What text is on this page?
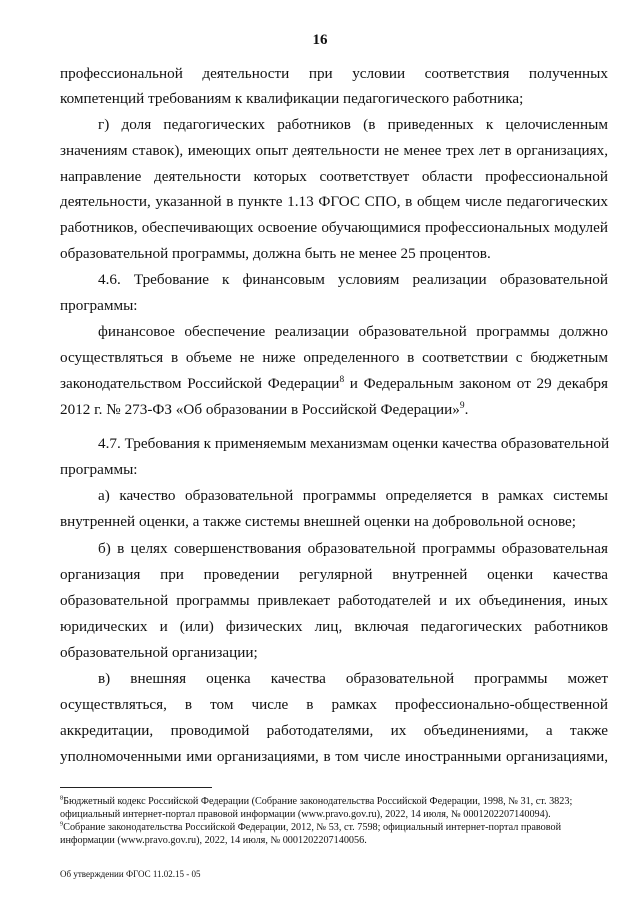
16
профессиональной деятельности при условии соответствия полученных
компетенций требованиям к квалификации педагогического работника;
г) доля педагогических работников (в приведенных к целочисленным
значениям ставок), имеющих опыт деятельности не менее трех лет в организациях,
направление деятельности которых соответствует области профессиональной
деятельности, указанной в пункте 1.13 ФГОС СПО, в общем числе педагогических
работников, обеспечивающих освоение обучающимися профессиональных модулей
образовательной программы, должна быть не менее 25 процентов.
4.6. Требование к финансовым условиям реализации образовательной
программы:
финансовое обеспечение реализации образовательной программы должно
осуществляться в объеме не ниже определенного в соответствии с бюджетным
законодательством Российской Федерации$^8$ и Федеральным законом от 29 декабря
2012 г. № 273-ФЗ «Об образовании в Российской Федерации»$^9$.
4.7. Требования к применяемым механизмам оценки качества образовательной
программы:
а) качество образовательной программы определяется в рамках системы
внутренней оценки, а также системы внешней оценки на добровольной основе;
б) в целях совершенствования образовательной программы образовательная
организация при проведении регулярной внутренней оценки качества
образовательной программы привлекает работодателей и их объединения, иных
юридических и (или) физических лиц, включая педагогических работников
образовательной организации;
в) внешняя оценка качества образовательной программы может
осуществляться, в том числе в рамках профессионально-общественной
аккредитации, проводимой работодателями, их объединениями, а также
уполномоченными ими организациями, в том числе иностранными организациями,
$^8$Бюджетный кодекс Российской Федерации (Собрание законодательства Российской Федерации, 1998, № 31, ст. 3823;
официальный интернет-портал правовой информации (www.pravo.gov.ru), 2022, 14 июля, № 0001202207140094).
$^9$Собрание законодательства Российской Федерации, 2012, № 53, ст. 7598; официальный интернет-портал правовой
информации (www.pravo.gov.ru), 2022, 14 июля, № 0001202207140056.
Об утверждении ФГОС 11.02.15 - 05
